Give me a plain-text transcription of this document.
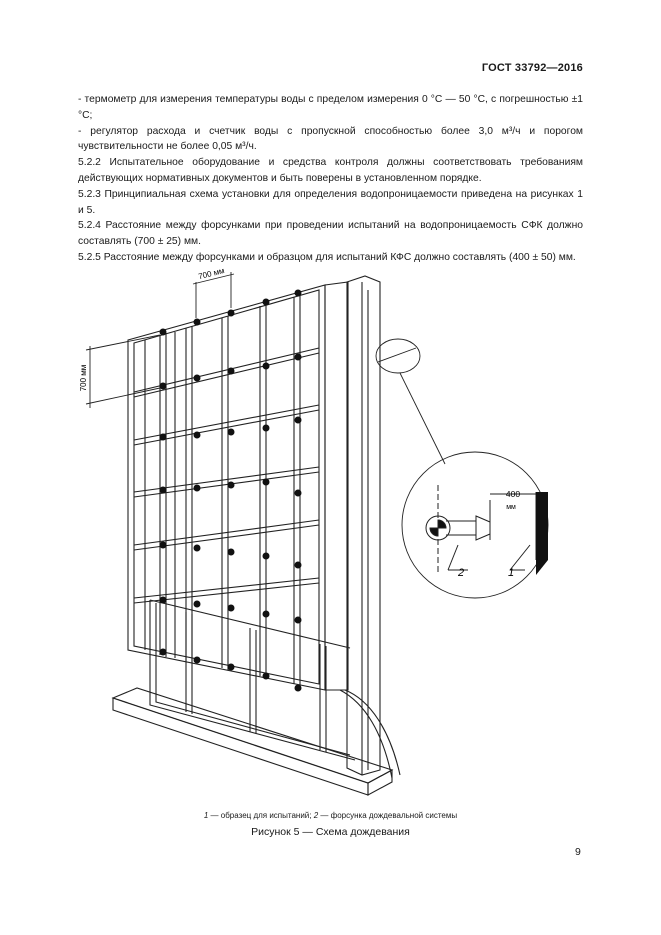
ГОСТ 33792—2016

- термометр для измерения температуры воды с пределом измерения 0 °С — 50 °С, с погрешностью ±1 °С;

- регулятор расхода и счетчик воды с пропускной способностью более 3,0 м³/ч и порогом чувствительности не более 0,05 м³/ч.

5.2.2 Испытательное оборудование и средства контроля должны соответствовать требованиям действующих нормативных документов и быть поверены в установленном порядке.

5.2.3 Принципиальная схема установки для определения водопроницаемости приведена на рисунках 1 и 5.

5.2.4 Расстояние между форсунками при проведении испытаний на водопроницаемость СФК должно составлять (700 ± 25) мм.

5.2.5 Расстояние между форсунками и образцом для испытаний КФС должно составлять (400 ± 50) мм.

700 мм
700 мм
400
мм
2	1
1 — образец для испытаний; 2 — форсунка дождевальной системы
Рисунок 5 — Схема дождевания
9
